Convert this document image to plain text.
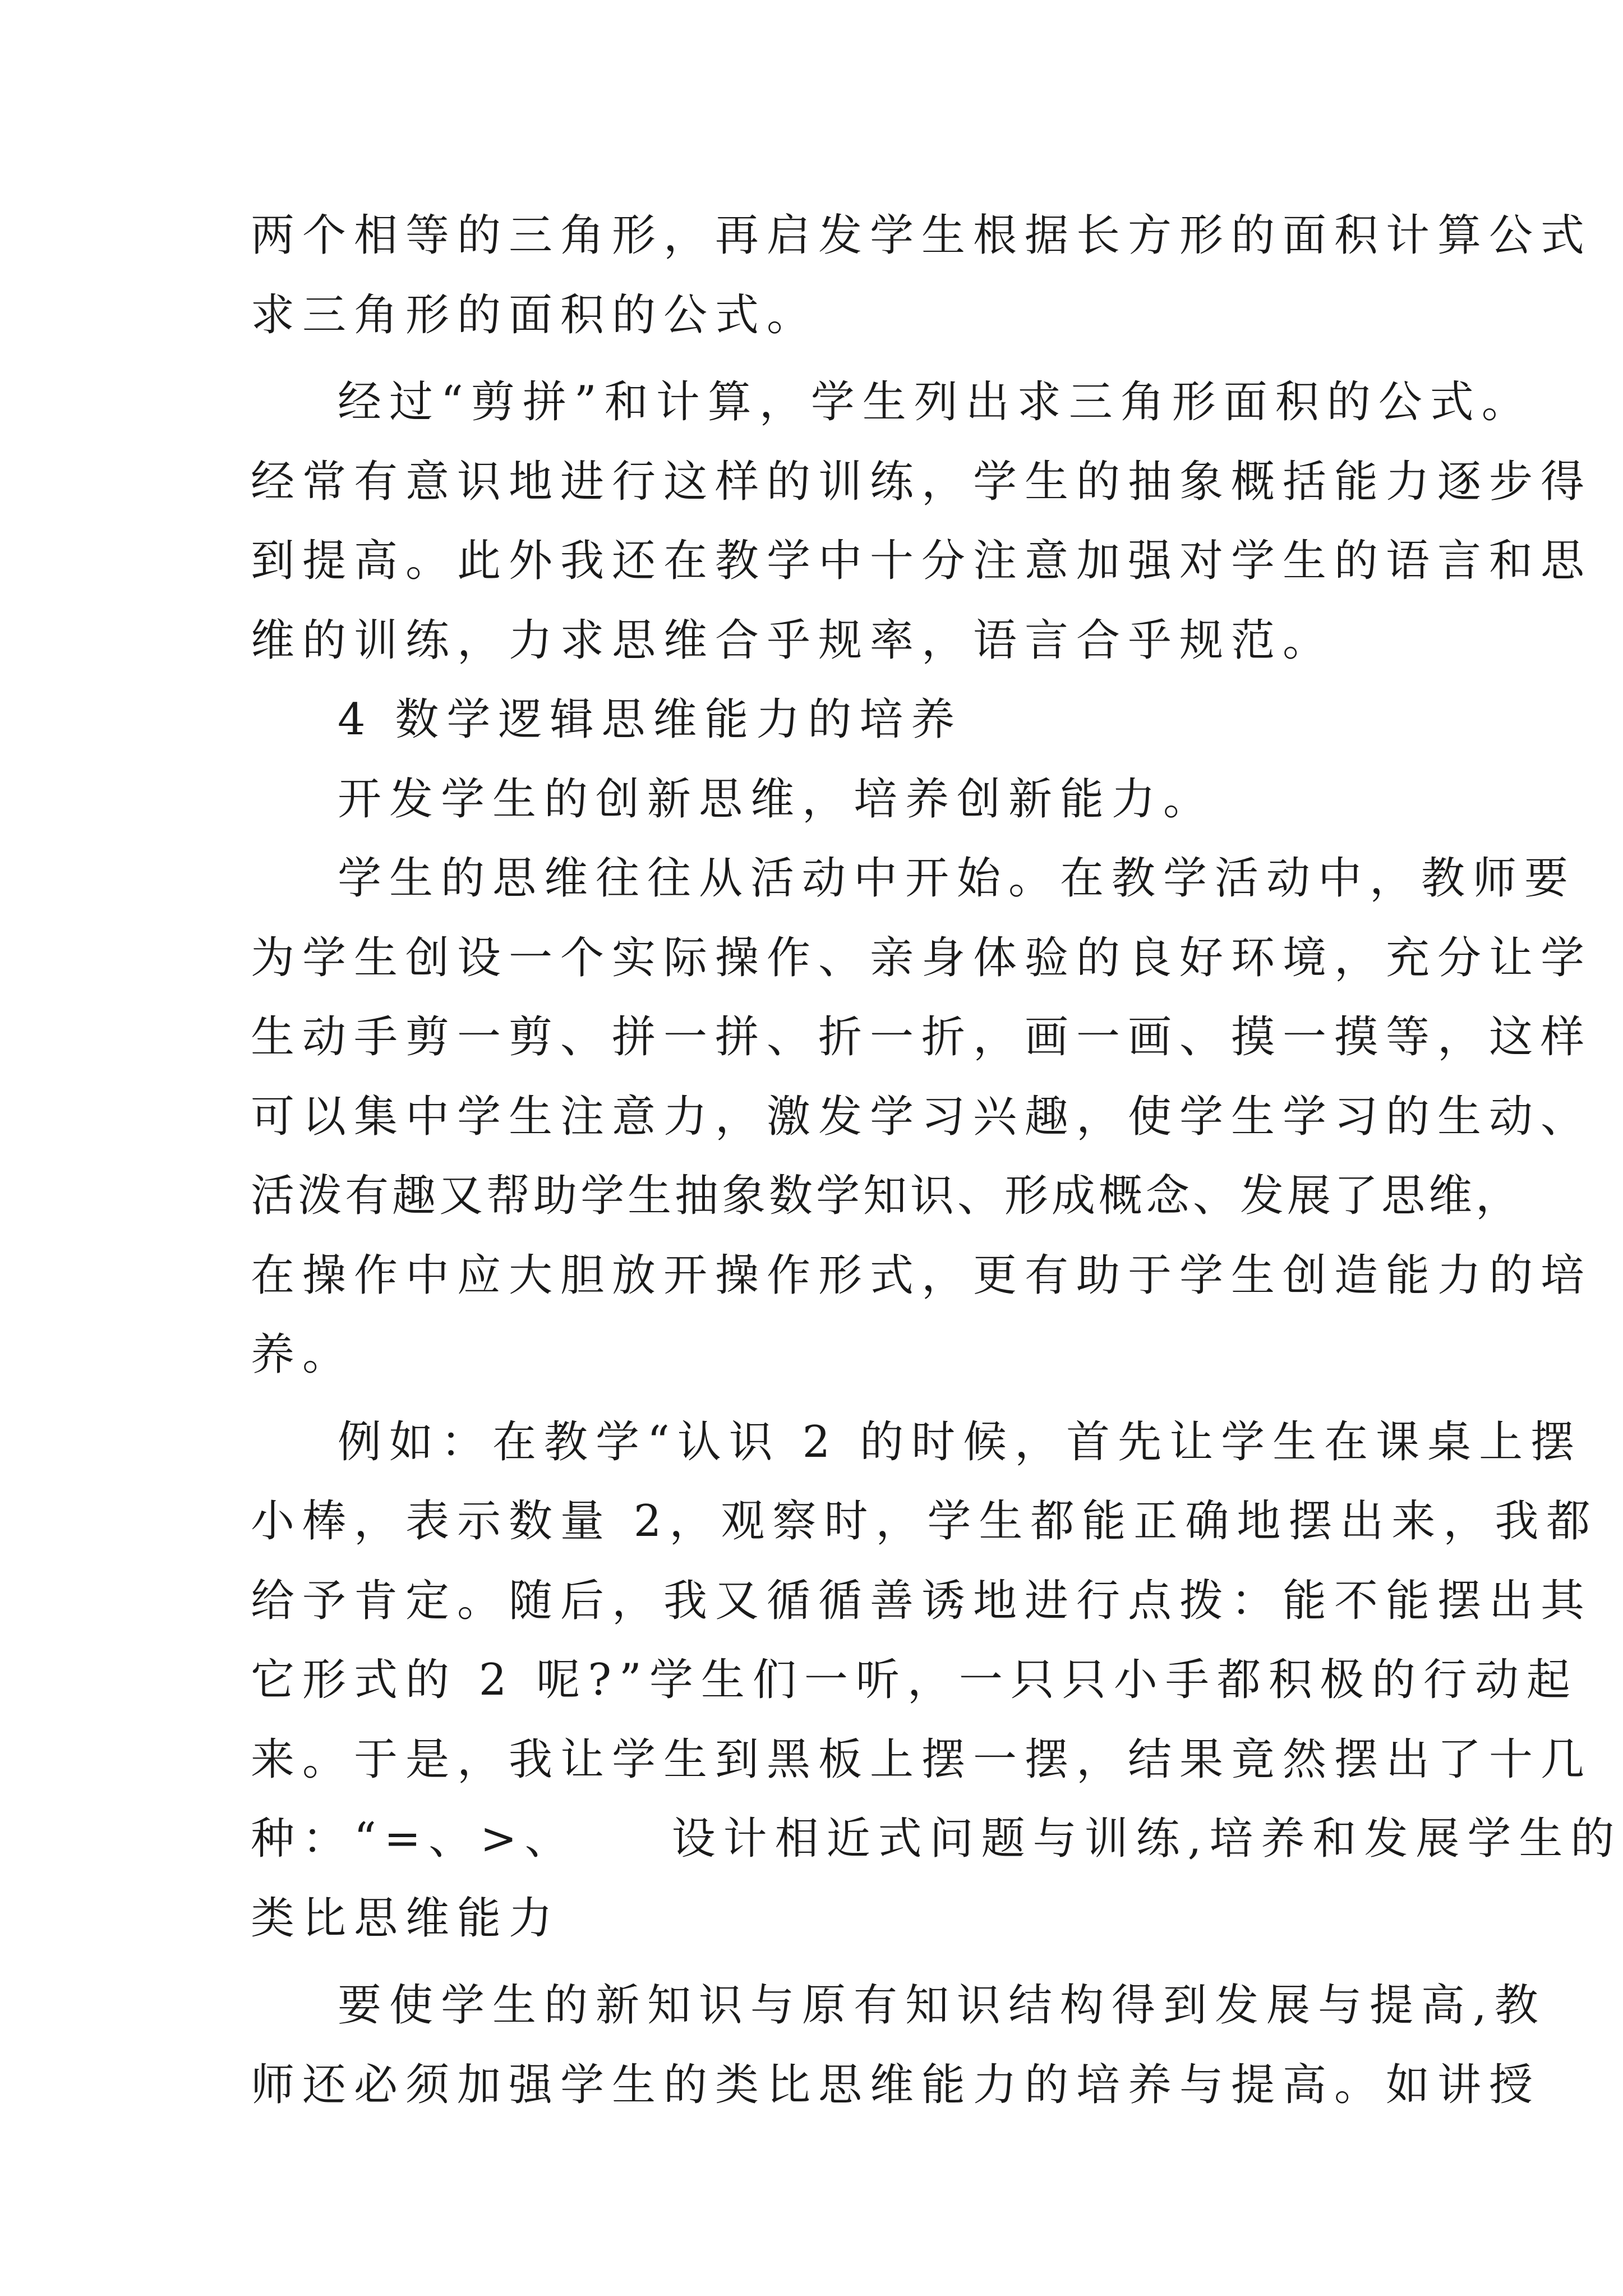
两个相等的三角形，再启发学生根据长方形的面积计算公式
求三角形的面积的公式。
经过“剪拼”和计算，学生列出求三角形面积的公式。
经常有意识地进行这样的训练，学生的抽象概括能力逐步得
到提高。此外我还在教学中十分注意加强对学生的语言和思
维的训练，力求思维合乎规率，语言合乎规范。
4 数学逻辑思维能力的培养
开发学生的创新思维，培养创新能力。
学生的思维往往从活动中开始。在教学活动中，教师要
为学生创设一个实际操作、亲身体验的良好环境，充分让学
生动手剪一剪、拼一拼、折一折，画一画、摸一摸等，这样
可以集中学生注意力，激发学习兴趣，使学生学习的生动、
活泼有趣又帮助学生抽象数学知识、形成概念、发展了思维，
在操作中应大胆放开操作形式，更有助于学生创造能力的培
养。
例如：在教学“认识 2 的时候，首先让学生在课桌上摆
小棒，表示数量 2，观察时，学生都能正确地摆出来，我都
给予肯定。随后，我又循循善诱地进行点拨：能不能摆出其
它形式的 2 呢?”学生们一听，一只只小手都积极的行动起
来。于是，我让学生到黑板上摆一摆，结果竟然摆出了十几
种：“=、>、 设计相近式问题与训练,培养和发展学生的
类比思维能力
要使学生的新知识与原有知识结构得到发展与提高,教
师还必须加强学生的类比思维能力的培养与提高。如讲授
